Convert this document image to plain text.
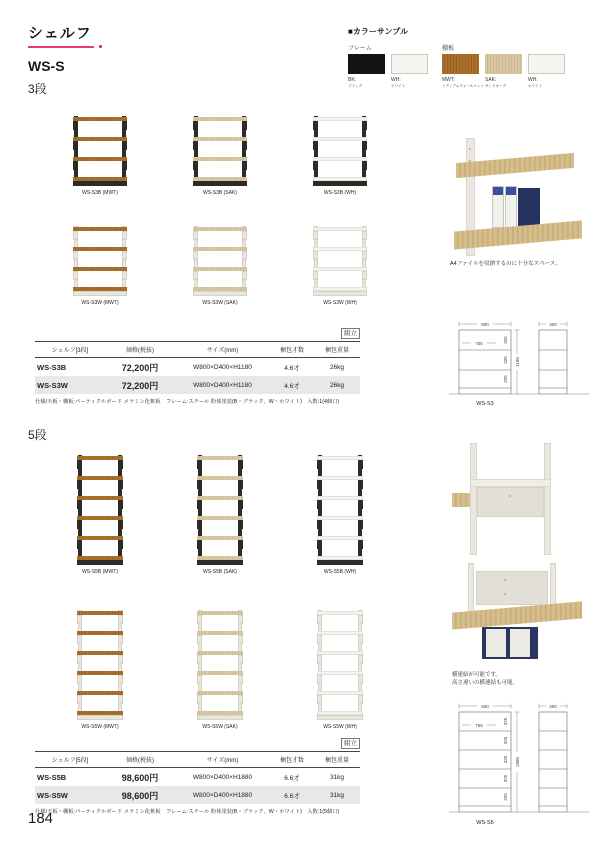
シェルフ
WS-S
3段
■カラーサンプル
フレーム
BK:
ブラック
WH:
ホワイト
棚板
MWT:
ミディアムウォールナット
SAK:
サンドオーク
WH:
ホワイト
WS-S3B (MWT)	WS-S3B (SAK)	WS-S3B (WH)
WS-S3W (MWT)	WS-S3W (SAK)	WS-S3W (WH)
A4ファイルを収納するのに十分なスペース。
組立
シェルフ[3段]	価格(税抜)	サイズ(mm)	梱包才数	梱包重量
WS-S3B	72,200円	W800×D400×H1180	4.6才	26kg
WS-S3W	72,200円	W800×D400×H1180	4.6才	26kg
仕様/天板・棚板:パーティクルボード メラミン化粧板　フレーム:スチール 粉体塗装(B・ブラック、W・ホワイト)　入数:1(4個口)
800
755	325
325
325
1180
400
WS-S3
5段
WS-S5B (MWT)	WS-S5B (SAK)	WS-S5B (WH)
WS-S5W (MWT)	WS-S5W (SAK)	WS-S5W (WH)
横連結が可能です。
高さ違いの横連結も可能。
組立
シェルフ[5段]	価格(税抜)	サイズ(mm)	梱包才数	梱包重量
WS-S5B	98,600円	W800×D400×H1880	6.6才	31kg
WS-S5W	98,600円	W800×D400×H1880	6.6才	31kg
仕様/天板・棚板:パーティクルボード メラミン化粧板　フレーム:スチール 粉体塗装(B・ブラック、W・ホワイト)　入数:1(5個口)
800
755
325
325
325
325
325
1880
400
WS-S5
184
